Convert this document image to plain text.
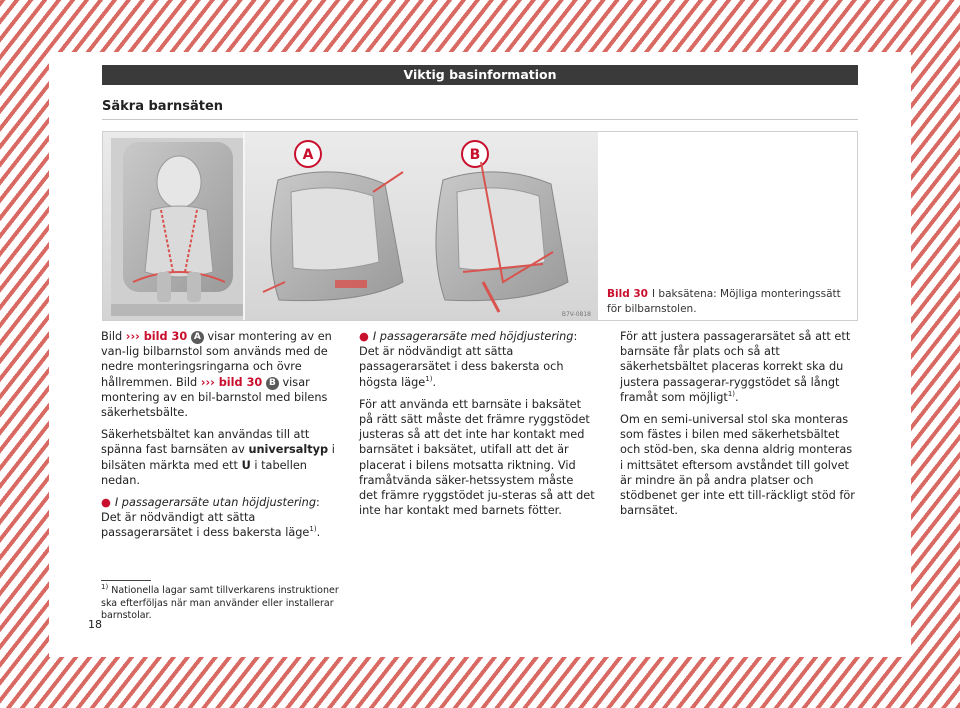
Viktig basinformation
Säkra barnsäten
A	B
B7V-0818
Bild 30 I baksätena: Möjliga monteringssätt för bilbarnstolen.

Bild ››› bild 30 A visar montering av en van-lig bilbarnstol som används med de nedre monteringsringarna och övre hållremmen. Bild ››› bild 30 B visar montering av en bil-barnstol med bilens säkerhetsbälte.

Säkerhetsbältet kan användas till att spänna fast barnsäten av universaltyp i bilsäten märkta med ett U i tabellen nedan.

● I passagerarsäte utan höjdjustering: Det är nödvändigt att sätta passagerarsätet i dess bakersta läge$^{1)}$.

● I passagerarsäte med höjdjustering: Det är nödvändigt att sätta passagerarsätet i dess bakersta och högsta läge$^{1)}$.

För att använda ett barnsäte i baksätet på rätt sätt måste det främre ryggstödet justeras så att det inte har kontakt med barnsätet i baksätet, utifall att det är placerat i bilens motsatta riktning. Vid framåtvända säker-hetssystem måste det främre ryggstödet ju-steras så att det inte har kontakt med barnets fötter.

För att justera passagerarsätet så att ett barnsäte får plats och så att säkerhetsbältet placeras korrekt ska du justera passagerar-ryggstödet så långt framåt som möjligt$^{1)}$.

Om en semi-universal stol ska monteras som fästes i bilen med säkerhetsbältet och stöd-ben, ska denna aldrig monteras i mittsätet eftersom avståndet till golvet är mindre än på andra platser och stödbenet ger inte ett till-räckligt stöd för barnsätet.

$^{1)}$ Nationella lagar samt tillverkarens instruktioner ska efterföljas när man använder eller installerar barnstolar.
18
